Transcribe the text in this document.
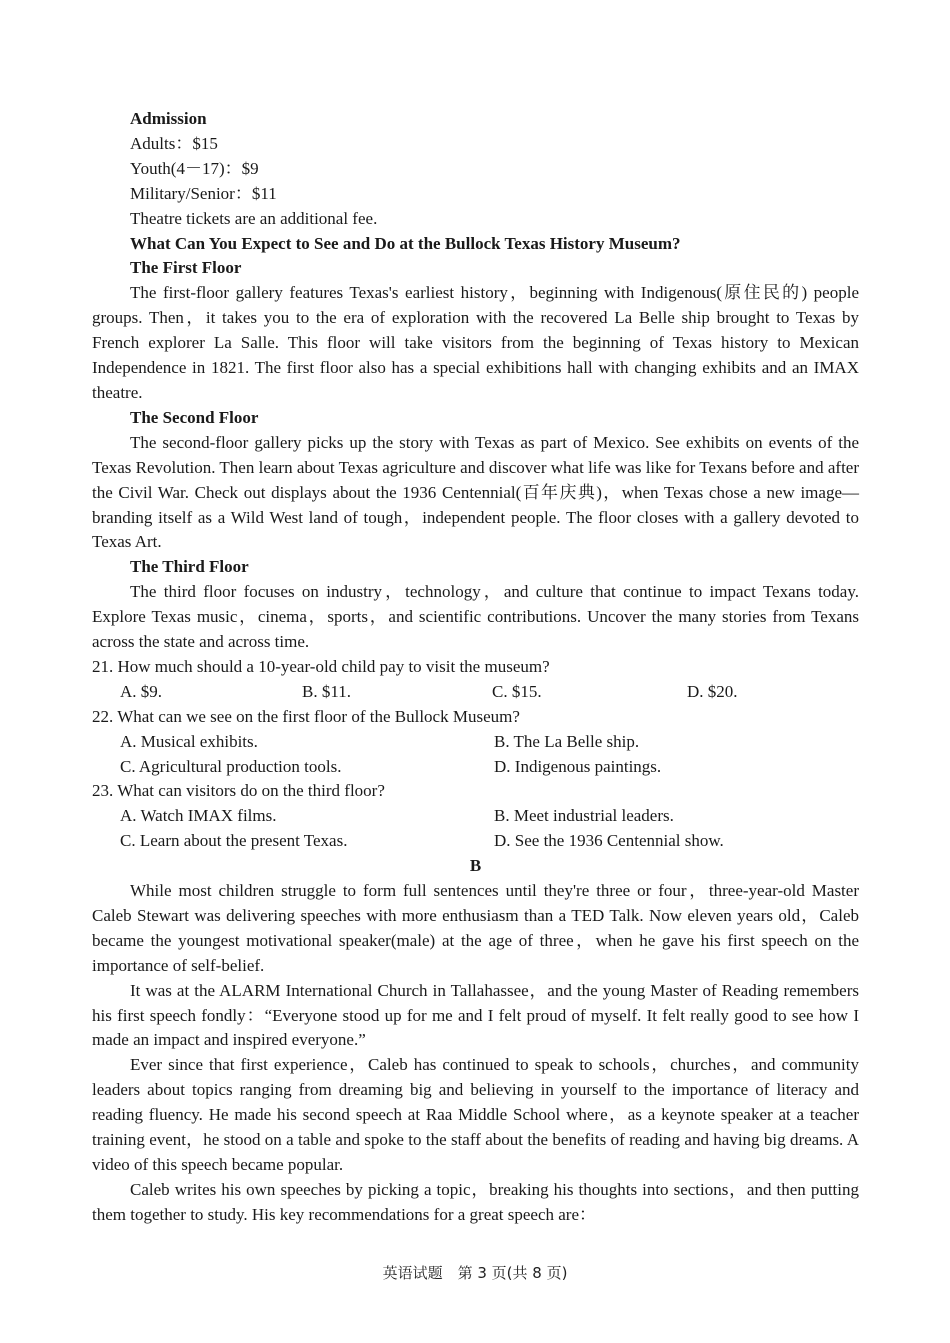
Admission
Adults：$15
Youth(4－17)：$9
Military/Senior：$11
Theatre tickets are an additional fee.
What Can You Expect to See and Do at the Bullock Texas History Museum?
The First Floor
The first-floor gallery features Texas's earliest history，beginning with Indigenous(原住民的) people groups. Then，it takes you to the era of exploration with the recovered La Belle ship brought to Texas by French explorer La Salle. This floor will take visitors from the beginning of Texas history to Mexican Independence in 1821. The first floor also has a special exhibitions hall with changing exhibits and an IMAX theatre.
The Second Floor
The second-floor gallery picks up the story with Texas as part of Mexico. See exhibits on events of the Texas Revolution. Then learn about Texas agriculture and discover what life was like for Texans before and after the Civil War. Check out displays about the 1936 Centennial(百年庆典)，when Texas chose a new image—branding itself as a Wild West land of tough，independent people. The floor closes with a gallery devoted to Texas Art.
The Third Floor
The third floor focuses on industry，technology，and culture that continue to impact Texans today. Explore Texas music，cinema，sports，and scientific contributions. Uncover the many stories from Texans across the state and across time.
21. How much should a 10-year-old child pay to visit the museum?
A. $9.	B. $11.	C. $15.	D. $20.
22. What can we see on the first floor of the Bullock Museum?
A. Musical exhibits.	B. The La Belle ship.
C. Agricultural production tools.	D. Indigenous paintings.
23. What can visitors do on the third floor?
A. Watch IMAX films.	B. Meet industrial leaders.
C. Learn about the present Texas.	D. See the 1936 Centennial show.
B
While most children struggle to form full sentences until they're three or four，three-year-old Master Caleb Stewart was delivering speeches with more enthusiasm than a TED Talk. Now eleven years old，Caleb became the youngest motivational speaker(male) at the age of three，when he gave his first speech on the importance of self-belief.
It was at the ALARM International Church in Tallahassee，and the young Master of Reading remembers his first speech fondly：“Everyone stood up for me and I felt proud of myself. It felt really good to see how I made an impact and inspired everyone.”
Ever since that first experience，Caleb has continued to speak to schools，churches，and community leaders about topics ranging from dreaming big and believing in yourself to the importance of literacy and reading fluency. He made his second speech at Raa Middle School where，as a keynote speaker at a teacher training event，he stood on a table and spoke to the staff about the benefits of reading and having big dreams. A video of this speech became popular.
Caleb writes his own speeches by picking a topic，breaking his thoughts into sections，and then putting them together to study. His key recommendations for a great speech are：
英语试题　第 3 页(共 8 页)
